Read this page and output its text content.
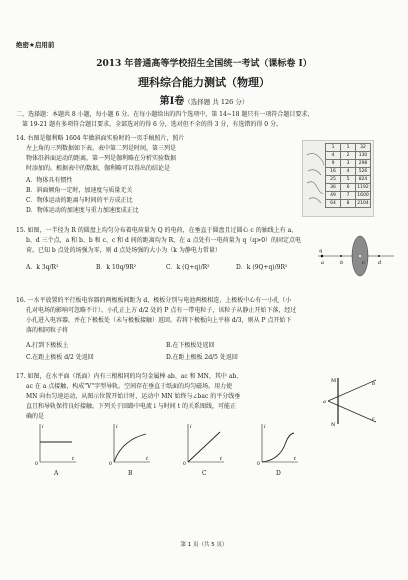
绝密★启用前
2013 年普通高等学校招生全国统一考试（课标卷 I）
理科综合能力测试（物理）
第Ⅰ卷（选择题 共 126 分）
二、选择题：本题共 8 小题，每小题 6 分。在每小题给出的四个选项中，第 14~18 题只有一项符合题目要求，
第 19-21 题有多项符合题目要求。全部选对的得 6 分，选对但不全的得 3 分，有选错的得 0 分。
14. 右图是伽利略 1604 年做斜面实验时的一页手稿照片，照片
左上角的三列数据如下表。表中第二列是时间，第三列是
物体沿斜面运动的距离，第一列是伽利略在分析实验数据
时添加的。根据表中的数据，伽利略可以得出的结论是
A．物体具有惯性
B．斜面倾角一定时，加速度与质量无关
C．物体运动的距离与时间的平方成正比
D．物体运动的加速度与重力加速度成正比
1	1	32
4	2	130
9	3	298
16	4	526
25	5	824
36	6	1192
49	7	1600
64	8	2104
15. 如图，一半径为 R 的圆盘上均匀分布着电荷量为 Q 的电荷，在垂直于圆盘且过圆心 c 的轴线上有 a、
b、d 三个点，a 和 b、b 和 c、c 和 d 间的距离均为 R，在 a 点处有一电荷量为 q（q>0）的固定点电
荷。已知 b 点处的场强为零，则 d 点处场强的大小为（k 为静电力常量）
A．k 3q/R²	B．k 10q/9R²	C．k (Q+q)/R²	D．k (9Q+q)/9R²
q
a	b	c	d
16. 一水平放置的平行板电容器的两极板间距为 d，极板分别与电池两极相连，上极板中心有一小孔（小
孔对电场的影响可忽略不计）。小孔正上方 d/2 处的 P 点有一带电粒子，该粒子从静止开始下落，经过
小孔进入电容器，并在下极板处（未与极板接触）返回。若将下极板向上平移 d/3，则从 P 点开始下
落的相同粒子将
A.打到下极板上	B.在下极板处返回
C.在距上极板 d/2 处返回	D.在距上极板 2d/5 处返回
17. 如图，在水平面（纸面）内有三根相同的均匀金属棒 ab、ac 和 MN，其中 ab、
ac 在 a 点接触，构成"V"字型导轨。空间存在垂直于纸面的均匀磁场。用力使
MN 向右匀速运动，从图示位置开始计时，运动中 MN 始终与∠bac 的平分线垂
直且和导轨保持良好接触。下列关于回路中电流 i 与时间 t 的关系图线，可能正
确的是
M
N
a
b
c
i
t
0
i
t
0
i
t
0
i
t
0
A	B	C	D
第 1 页（共 5 页）
